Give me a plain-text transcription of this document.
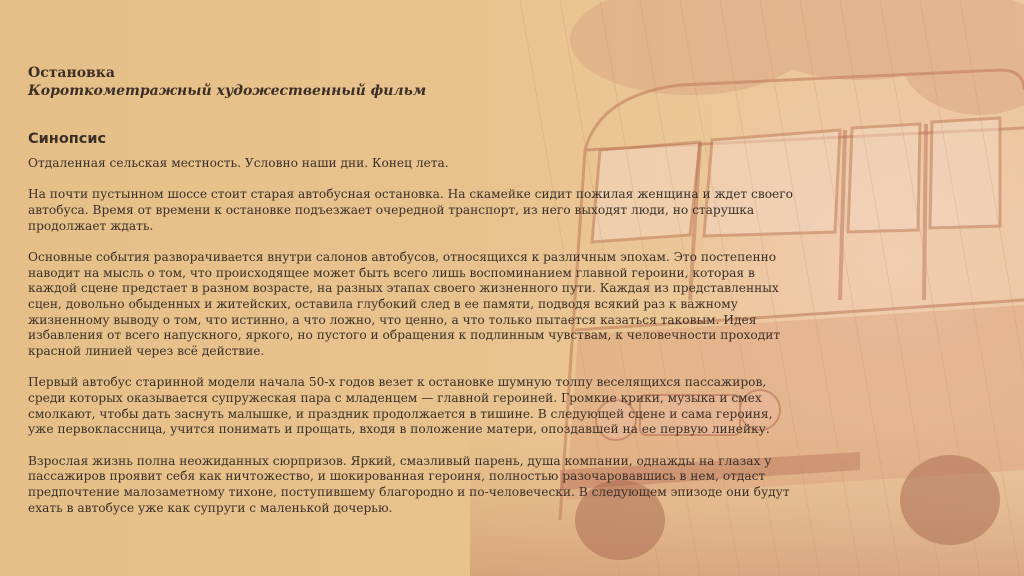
Остановка
Короткометражный художественный фильм
Синопсис

Отдаленная сельская местность. Условно наши дни. Конец лета.

На почти пустынном шоссе стоит старая автобусная остановка. На скамейке сидит пожилая женщина и ждет своего автобуса. Время от времени к остановке подъезжает очередной транспорт, из него выходят люди, но старушка продолжает ждать.

Основные события разворачивается внутри салонов автобусов, относящихся к различным эпохам. Это постепенно наводит на мысль о том, что происходящее может быть всего лишь воспоминанием главной героини, которая в каждой сцене предстает в разном возрасте, на разных этапах своего жизненного пути. Каждая из представленных сцен, довольно обыденных и житейских, оставила глубокий след в ее памяти, подводя всякий раз к важному жизненному выводу о том, что истинно, а что ложно, что ценно, а что только пытается казаться таковым. Идея избавления от всего напускного, яркого, но пустого и обращения к подлинным чувствам, к человечности проходит красной линией через всё действие.

Первый автобус старинной модели начала 50-х годов везет к остановке шумную толпу веселящихся пассажиров, среди которых оказывается супружеская пара с младенцем — главной героиней. Громкие крики, музыка и смех смолкают, чтобы дать заснуть малышке, и праздник продолжается в тишине. В следующей сцене и сама героиня, уже первоклассница, учится понимать и прощать, входя в положение матери, опоздавшей на ее первую линейку.

Взрослая жизнь полна неожиданных сюрпризов. Яркий, смазливый парень, душа компании, однажды на глазах у пассажиров проявит себя как ничтожество, и шокированная героиня, полностью разочаровавшись в нем, отдаст предпочтение малозаметному тихоне, поступившему благородно и по-человечески. В следующем эпизоде они будут ехать в автобусе уже как супруги с маленькой дочерью.
